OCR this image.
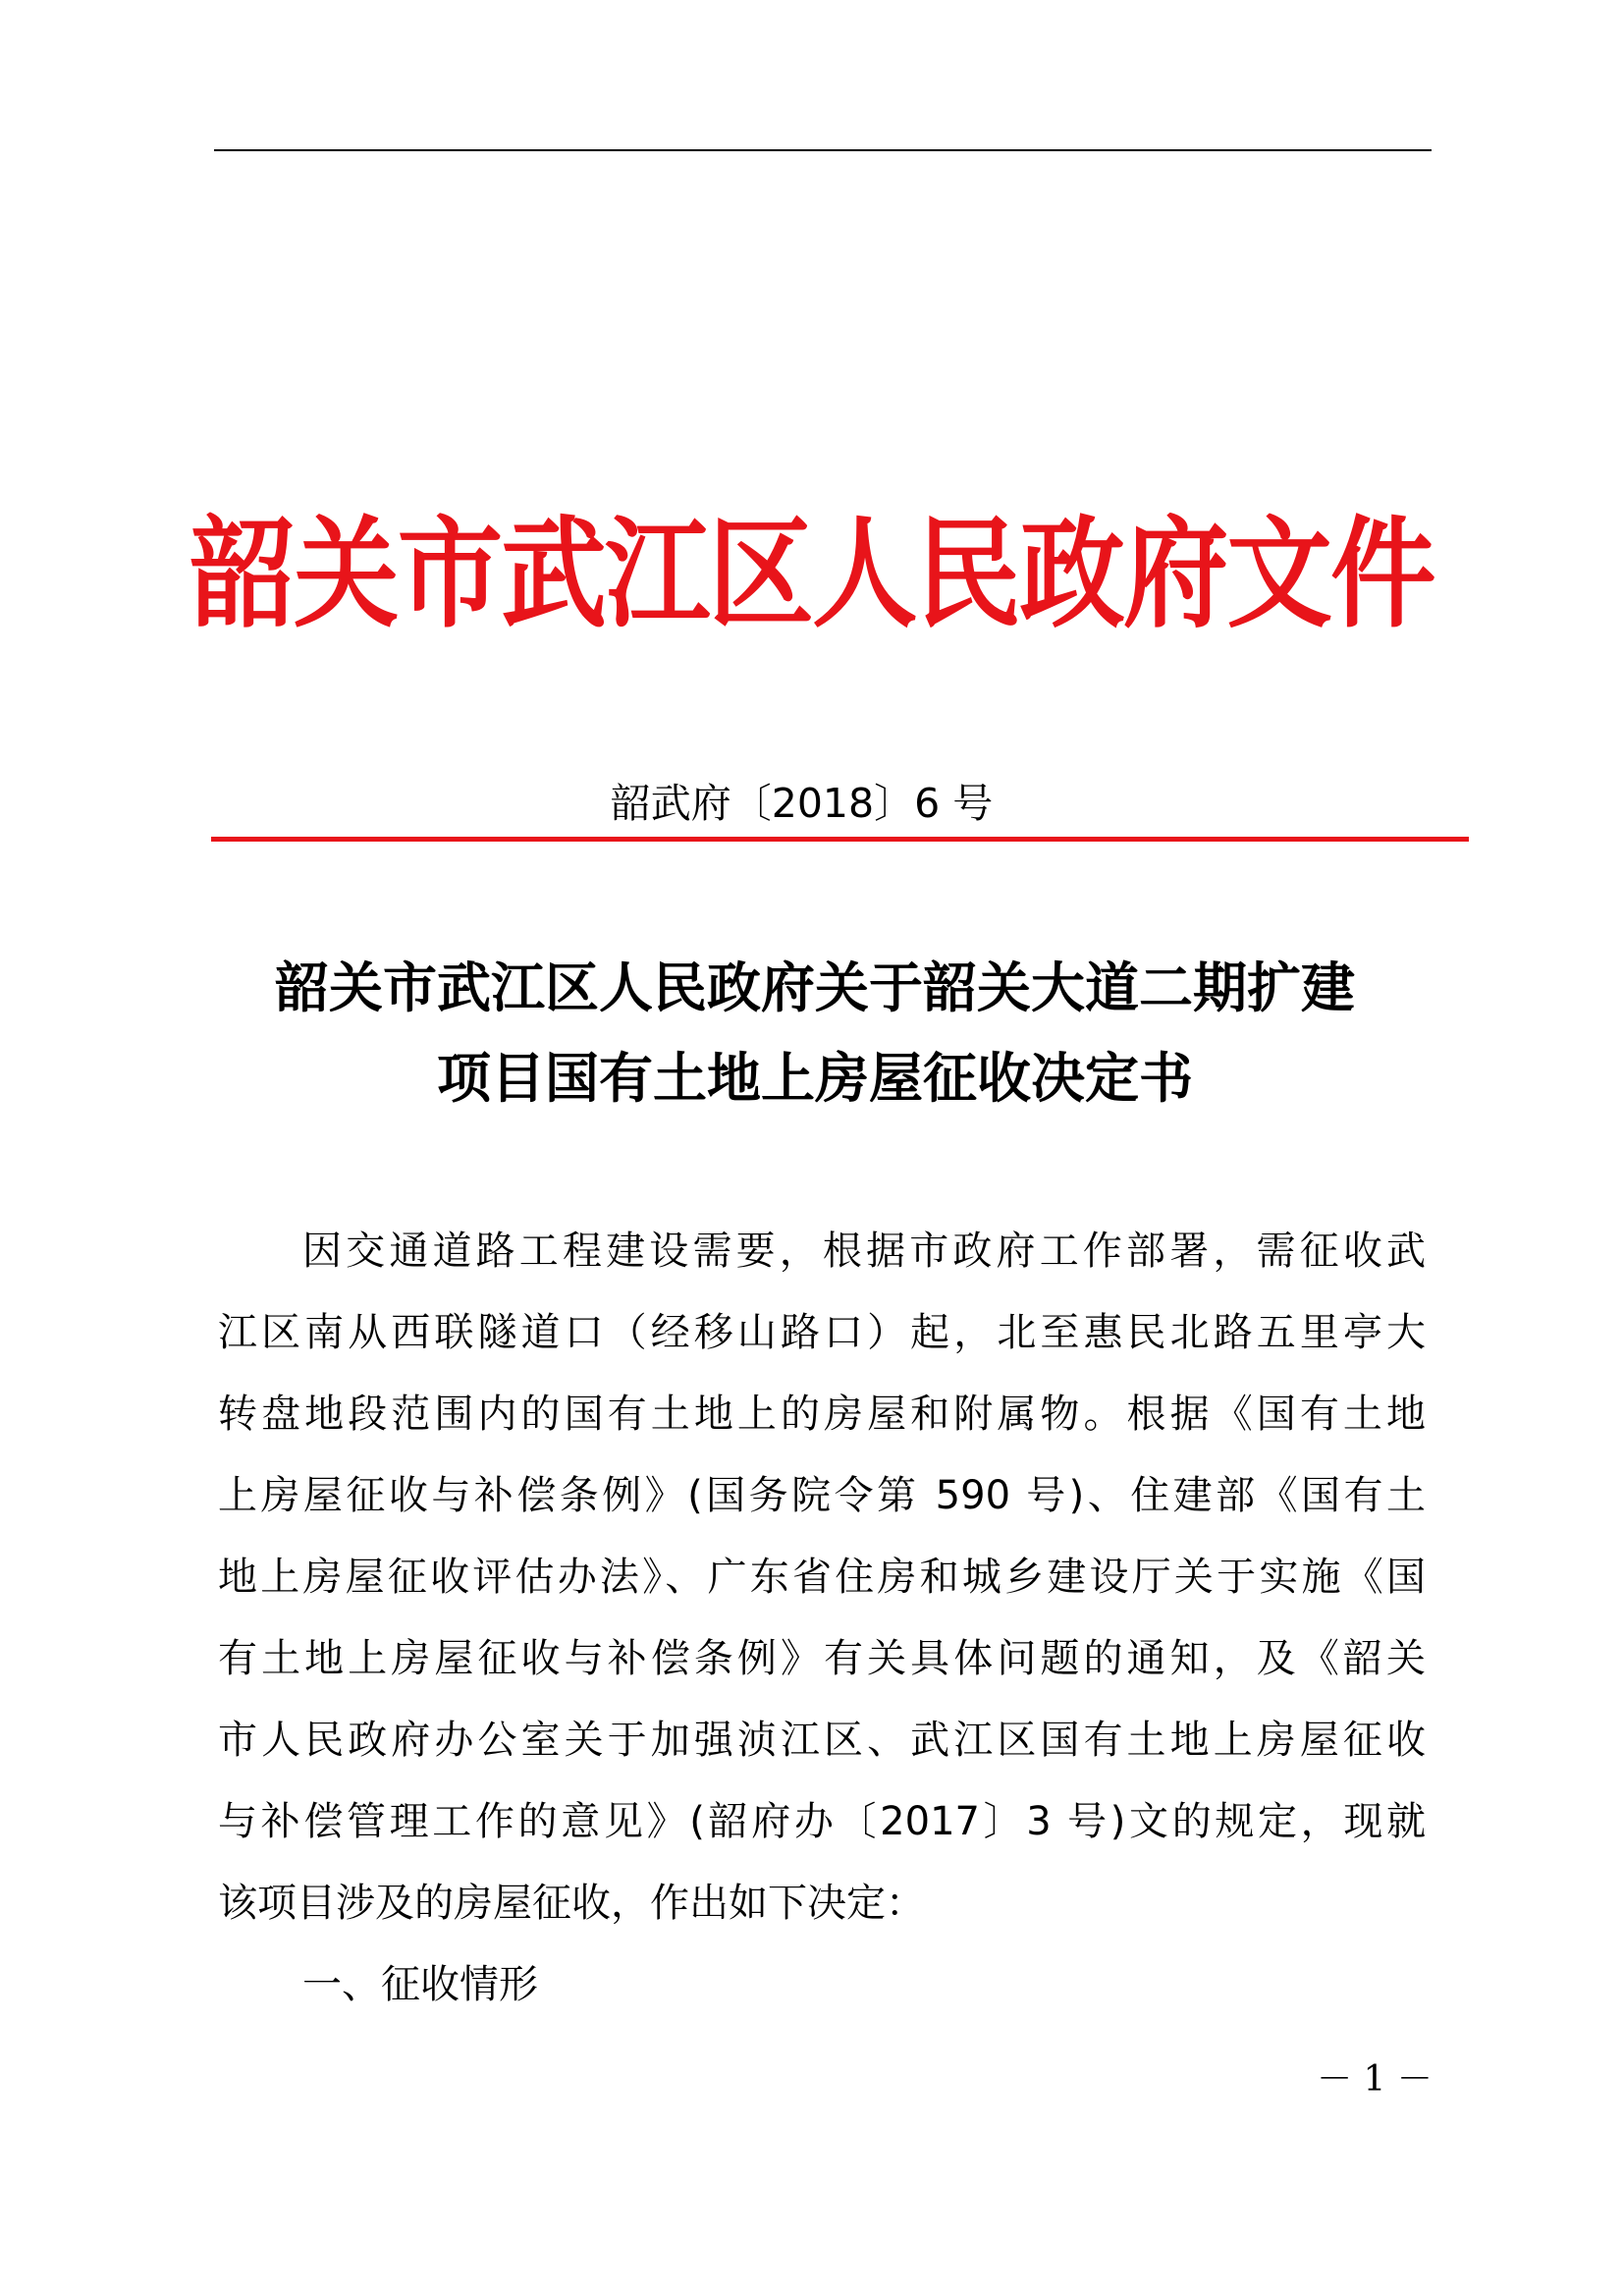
韶关市武江区人民政府文件
韶武府〔2018〕6 号
韶关市武江区人民政府关于韶关大道二期扩建
项目国有土地上房屋征收决定书
因交通道路工程建设需要，根据市政府工作部署，需征收武
江区南从西联隧道口（经移山路口）起，北至惠民北路五里亭大
转盘地段范围内的国有土地上的房屋和附属物。根据《国有土地
上房屋征收与补偿条例》(国务院令第 590 号)、住建部《国有土
地上房屋征收评估办法》、广东省住房和城乡建设厅关于实施《国
有土地上房屋征收与补偿条例》有关具体问题的通知，及《韶关
市人民政府办公室关于加强浈江区、武江区国有土地上房屋征收
与补偿管理工作的意见》(韶府办〔2017〕3 号)文的规定，现就
该项目涉及的房屋征收，作出如下决定：
一、征收情形
－ 1 －
